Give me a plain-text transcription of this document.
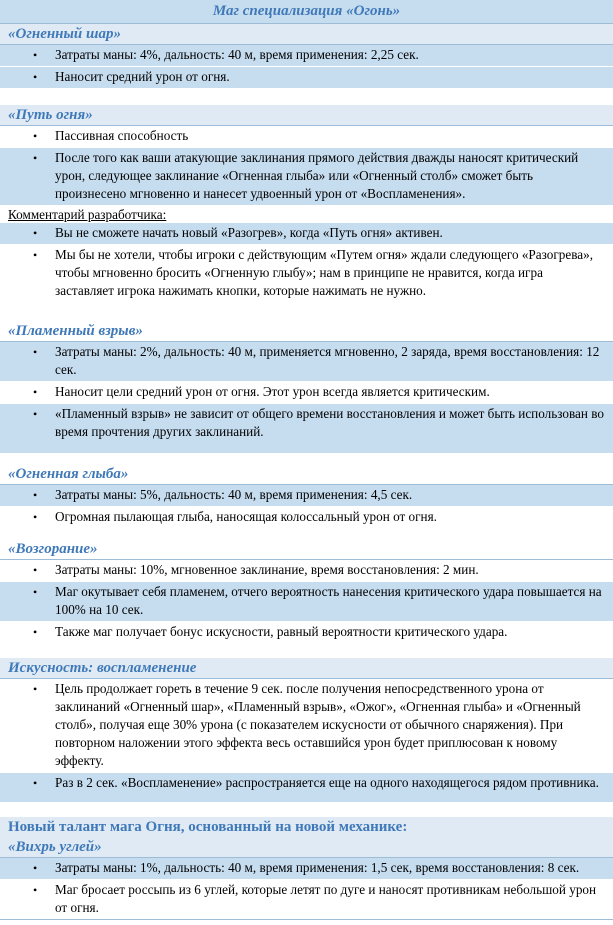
Маг специализация «Огонь»
«Огненный шар»
• Затраты маны: 4%, дальность: 40 м, время применения: 2,25 сек.
• Наносит средний урон от огня.
«Путь огня»
• Пассивная способность
• После того как ваши атакующие заклинания прямого действия дважды наносят критический урон, следующее заклинание «Огненная глыба» или «Огненный столб» сможет быть произнесено мгновенно и нанесет удвоенный урон от «Воспламенения».
Комментарий разработчика:
• Вы не сможете начать новый «Разогрев», когда «Путь огня» активен.
• Мы бы не хотели, чтобы игроки с действующим «Путем огня» ждали следующего «Разогрева», чтобы мгновенно бросить «Огненную глыбу»; нам в принципе не нравится, когда игра заставляет игрока нажимать кнопки, которые нажимать не нужно.
«Пламенный взрыв»
• Затраты маны: 2%, дальность: 40 м, применяется мгновенно, 2 заряда, время восстановления: 12 сек.
• Наносит цели средний урон от огня. Этот урон всегда является критическим.
• «Пламенный взрыв» не зависит от общего времени восстановления и может быть использован во время прочтения других заклинаний.
«Огненная глыба»
• Затраты маны: 5%, дальность: 40 м, время применения: 4,5 сек.
• Огромная пылающая глыба, наносящая колоссальный урон от огня.
«Возгорание»
• Затраты маны: 10%, мгновенное заклинание, время восстановления: 2 мин.
• Маг окутывает себя пламенем, отчего вероятность нанесения критического удара повышается на 100% на 10 сек.
• Также маг получает бонус искусности, равный вероятности критического удара.
Искусность: воспламенение
• Цель продолжает гореть в течение 9 сек. после получения непосредственного урона от заклинаний «Огненный шар», «Пламенный взрыв», «Ожог», «Огненная глыба» и «Огненный столб», получая еще 30% урона (с показателем искусности от обычного снаряжения). При повторном наложении этого эффекта весь оставшийся урон будет приплюсован к новому эффекту.
• Раз в 2 сек. «Воспламенение» распространяется еще на одного находящегося рядом противника.
Новый талант мага Огня, основанный на новой механике:
«Вихрь углей»
• Затраты маны: 1%, дальность: 40 м, время применения: 1,5 сек, время восстановления: 8 сек.
• Маг бросает россыпь из 6 углей, которые летят по дуге и наносят противникам небольшой урон от огня.
